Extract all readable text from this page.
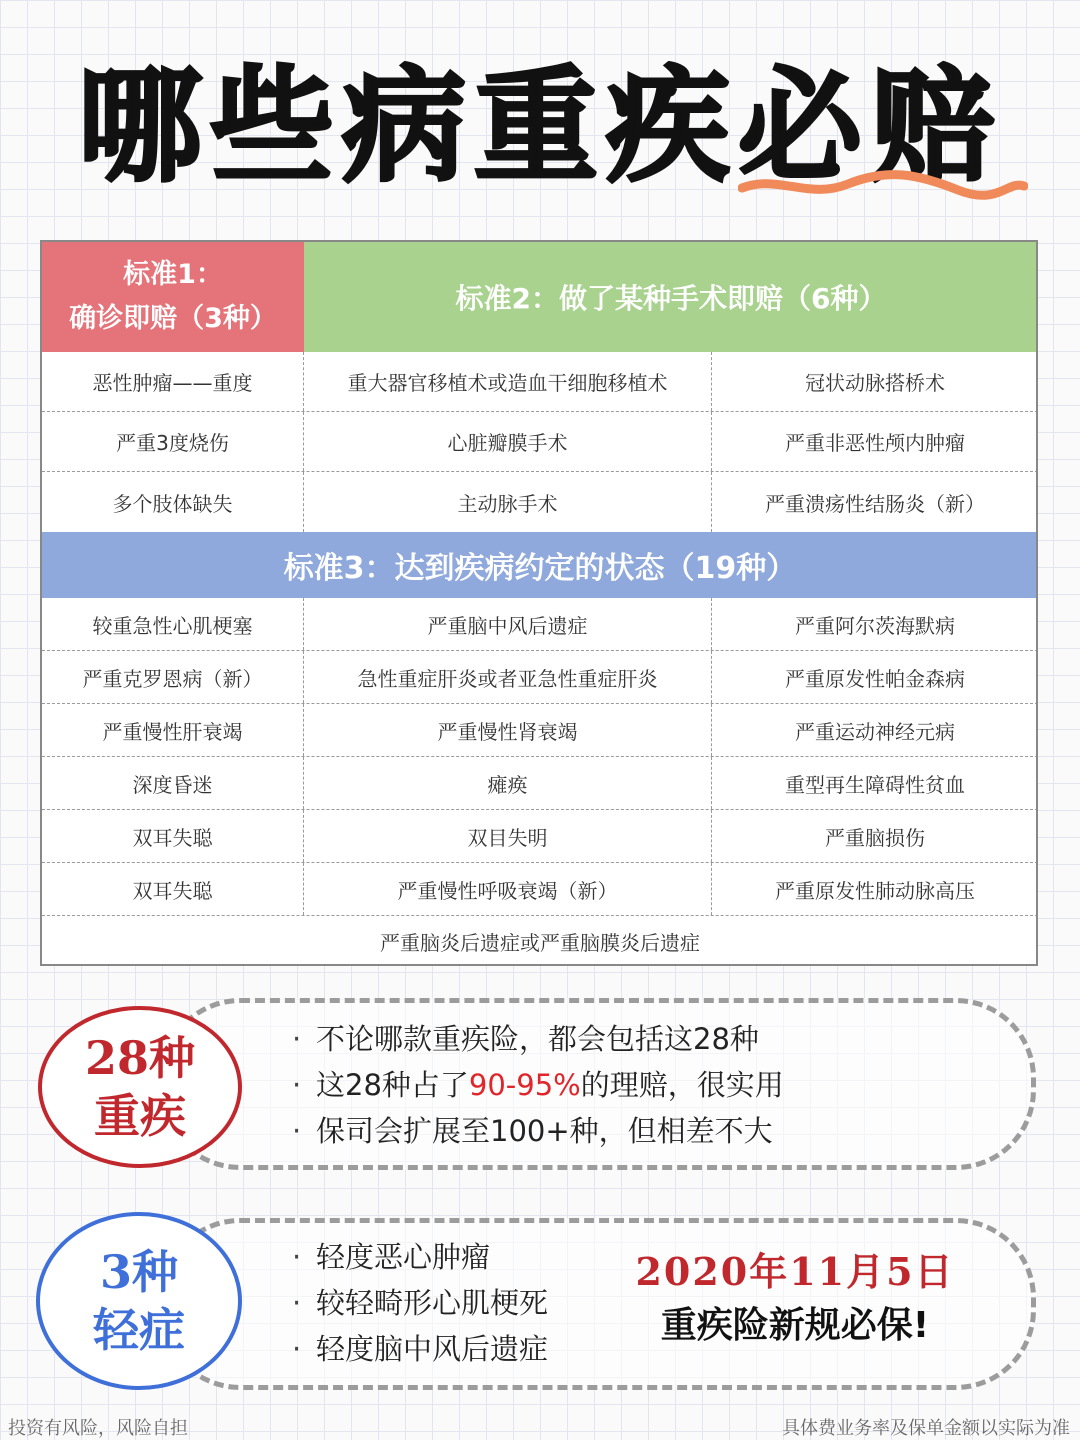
哪些病重疾必赔
标准1：
确诊即赔（3种）
标准2：做了某种手术即赔（6种）
恶性肿瘤——重度	重大器官移植术或造血干细胞移植术	冠状动脉搭桥术
严重3度烧伤	心脏瓣膜手术	严重非恶性颅内肿瘤
多个肢体缺失	主动脉手术	严重溃疡性结肠炎（新）
标准3：达到疾病约定的状态（19种）
较重急性心肌梗塞	严重脑中风后遗症	严重阿尔茨海默病
严重克罗恩病（新）	急性重症肝炎或者亚急性重症肝炎	严重原发性帕金森病
严重慢性肝衰竭	严重慢性肾衰竭	严重运动神经元病
深度昏迷	瘫痪	重型再生障碍性贫血
双耳失聪	双目失明	严重脑损伤
双耳失聪	严重慢性呼吸衰竭（新）	严重原发性肺动脉高压
严重脑炎后遗症或严重脑膜炎后遗症
28种
重疾
· 不论哪款重疾险，都会包括这28种
· 这28种占了90-95%的理赔，很实用
· 保司会扩展至100+种，但相差不大
3种
轻症
· 轻度恶心肿瘤
· 较轻畸形心肌梗死
· 轻度脑中风后遗症
2020年11月5日
重疾险新规必保!
投资有风险，风险自担	具体费业务率及保单金额以实际为准
